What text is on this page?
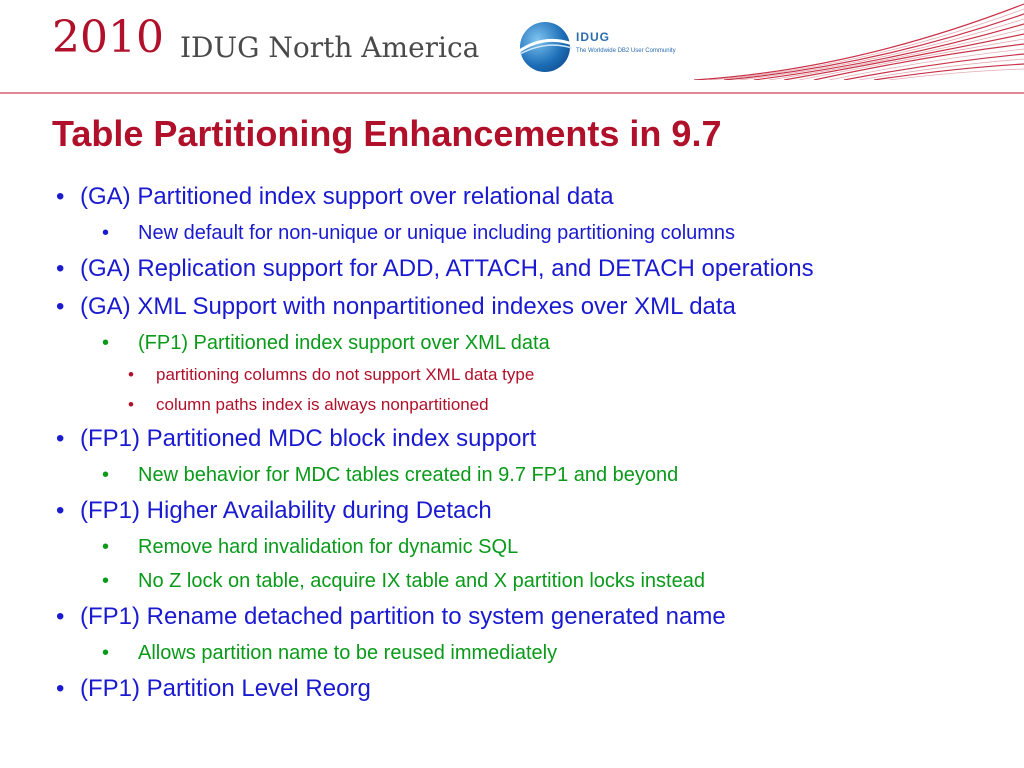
2010 IDUG North America	IDUG
The Worldwide DB2 User Community
Table Partitioning Enhancements in 9.7
• (GA) Partitioned index support over relational data
• New default for non-unique or unique including partitioning columns
• (GA) Replication support for ADD, ATTACH, and DETACH operations
• (GA) XML Support with nonpartitioned indexes over XML data
• (FP1) Partitioned index support over XML data
• partitioning columns do not support XML data type
• column paths index is always nonpartitioned
• (FP1) Partitioned MDC block index support
• New behavior for MDC tables created in 9.7 FP1 and beyond
• (FP1) Higher Availability during Detach
• Remove hard invalidation for dynamic SQL
• No Z lock on table, acquire IX table and X partition locks instead
• (FP1) Rename detached partition to system generated name
• Allows partition name to be reused immediately
• (FP1) Partition Level Reorg
